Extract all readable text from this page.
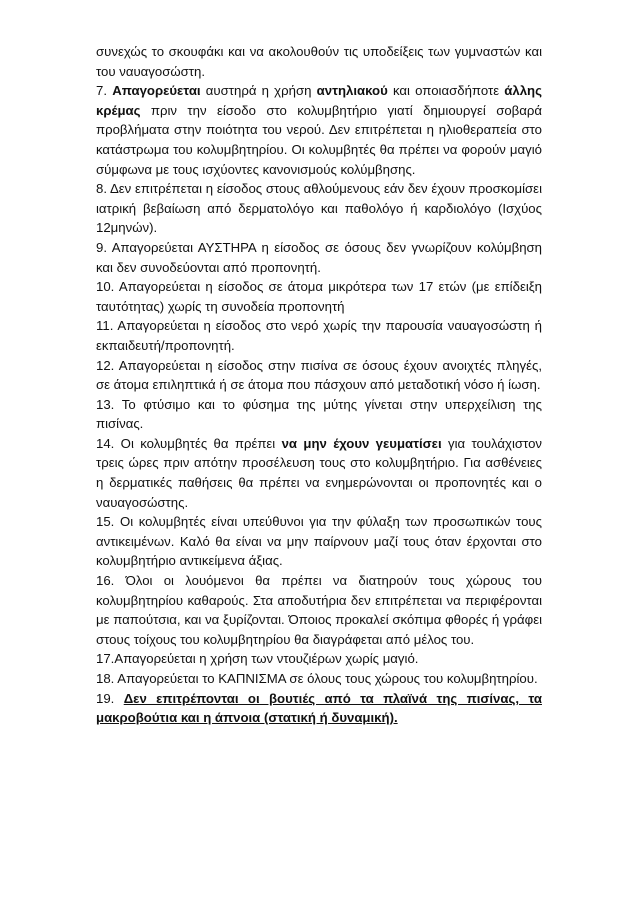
συνεχώς το σκουφάκι και να ακολουθούν τις υποδείξεις των γυμναστών και του ναυαγοσώστη.

7. Απαγορεύεται αυστηρά η χρήση αντηλιακού και οποιασδήποτε άλλης κρέμας πριν την είσοδο στο κολυμβητήριο γιατί δημιουργεί σοβαρά προβλήματα στην ποιότητα του νερού. Δεν επιτρέπεται η ηλιοθεραπεία στο κατάστρωμα του κολυμβητηρίου. Οι κολυμβητές θα πρέπει να φορούν μαγιό σύμφωνα με τους ισχύοντες κανονισμούς κολύμβησης.

8. Δεν επιτρέπεται η είσοδος στους αθλούμενους εάν δεν έχουν προσκομίσει ιατρική βεβαίωση από δερματολόγο και παθολόγο ή καρδιολόγο (Ισχύος 12μηνών).

9. Απαγορεύεται ΑΥΣΤΗΡΑ η είσοδος σε όσους δεν γνωρίζουν κολύμβηση και δεν συνοδεύονται από προπονητή.

10. Απαγορεύεται η είσοδος σε άτομα μικρότερα των 17 ετών (με επίδειξη ταυτότητας) χωρίς τη συνοδεία προπονητή

11. Απαγορεύεται η είσοδος στο νερό χωρίς την παρουσία ναυαγοσώστη ή εκπαιδευτή/προπονητή.

12. Απαγορεύεται η είσοδος στην πισίνα σε όσους έχουν ανοιχτές πληγές, σε άτομα επιληπτικά ή σε άτομα που πάσχουν από μεταδοτική νόσο ή ίωση.

13. Το φτύσιμο και το φύσημα της μύτης γίνεται στην υπερχείλιση της πισίνας.

14. Οι κολυμβητές θα πρέπει να μην έχουν γευματίσει για τουλάχιστον τρεις ώρες πριν απότην προσέλευση τους στο κολυμβητήριο. Για ασθένειες η δερματικές παθήσεις θα πρέπει να ενημερώνονται οι προπονητές και ο ναυαγοσώστης.

15. Οι κολυμβητές είναι υπεύθυνοι για την φύλαξη των προσωπικών τους αντικειμένων. Καλό θα είναι να μην παίρνουν μαζί τους όταν έρχονται στο κολυμβητήριο αντικείμενα άξιας.

16. Όλοι οι λουόμενοι θα πρέπει να διατηρούν τους χώρους του κολυμβητηρίου καθαρούς. Στα αποδυτήρια δεν επιτρέπεται να περιφέρονται με παπούτσια, και να ξυρίζονται. Όποιος προκαλεί σκόπιμα φθορές ή γράφει στους τοίχους του κολυμβητηρίου θα διαγράφεται από μέλος του.

17.Απαγορεύεται η χρήση των ντουζιέρων χωρίς μαγιό.

18. Απαγορεύεται το ΚΑΠΝΙΣΜΑ σε όλους τους χώρους του κολυμβητηρίου.

19. Δεν επιτρέπονται οι βουτιές από τα πλαϊνά της πισίνας, τα μακροβούτια και η άπνοια (στατική ή δυναμική).
